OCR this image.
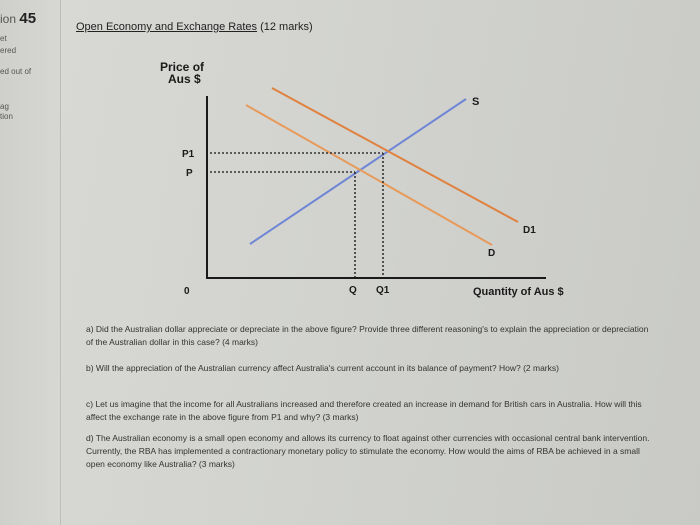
ion 45
et
ered
ed out of
ag
tion
Open Economy and Exchange Rates (12 marks)
Price of
Aus $
P1
P
0	Q Q1	Quantity of Aus $
S
D1
D
a) Did the Australian dollar appreciate or depreciate in the above figure? Provide three different reasoning's to explain the appreciation or depreciation of the Australian dollar in this case? (4 marks)
b) Will the appreciation of the Australian currency affect Australia's current account in its balance of payment? How? (2 marks)
c) Let us imagine that the income for all Australians increased and therefore created an increase in demand for British cars in Australia. How will this affect the exchange rate in the above figure from P1 and why? (3 marks)
d) The Australian economy is a small open economy and allows its currency to float against other currencies with occasional central bank intervention. Currently, the RBA has implemented a contractionary monetary policy to stimulate the economy. How would the aims of RBA be achieved in a small open economy like Australia? (3 marks)
